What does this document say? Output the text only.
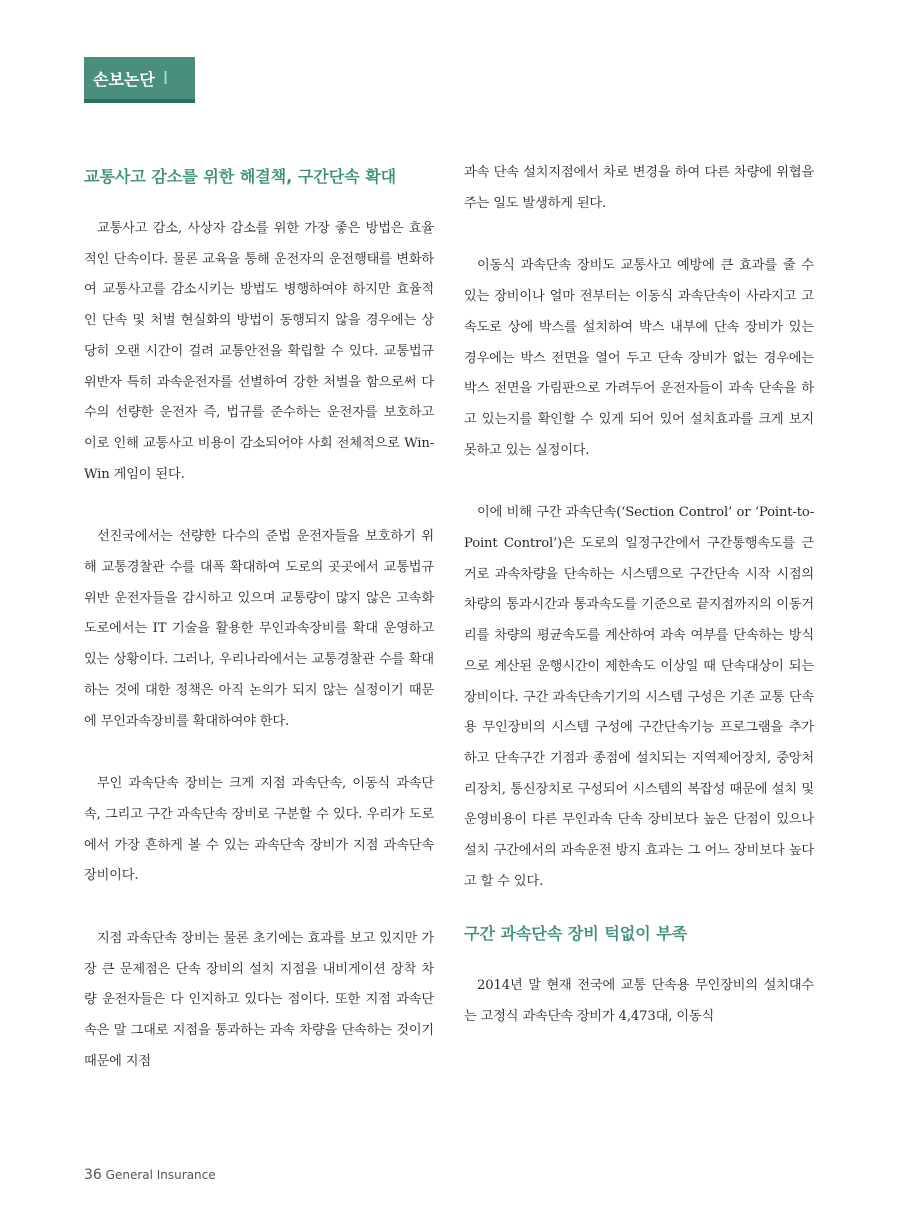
손보논단 Ⅰ
교통사고 감소를 위한 해결책, 구간단속 확대

교통사고 감소, 사상자 감소를 위한 가장 좋은 방법은 효율적인 단속이다. 물론 교육을 통해 운전자의 운전행태를 변화하여 교통사고를 감소시키는 방법도 병행하여야 하지만 효율적인 단속 및 처벌 현실화의 방법이 동행되지 않을 경우에는 상당히 오랜 시간이 걸려 교통안전을 확립할 수 있다. 교통법규 위반자 특히 과속운전자를 선별하여 강한 처벌을 함으로써 다수의 선량한 운전자 즉, 법규를 준수하는 운전자를 보호하고 이로 인해 교통사고 비용이 감소되어야 사회 전체적으로 Win-Win 게임이 된다.

선진국에서는 선량한 다수의 준법 운전자들을 보호하기 위해 교통경찰관 수를 대폭 확대하여 도로의 곳곳에서 교통법규 위반 운전자들을 감시하고 있으며 교통량이 많지 않은 고속화도로에서는 IT 기술을 활용한 무인과속장비를 확대 운영하고 있는 상황이다. 그러나, 우리나라에서는 교통경찰관 수를 확대하는 것에 대한 정책은 아직 논의가 되지 않는 실정이기 때문에 무인과속장비를 확대하여야 한다.

무인 과속단속 장비는 크게 지점 과속단속, 이동식 과속단속, 그리고 구간 과속단속 장비로 구분할 수 있다. 우리가 도로에서 가장 흔하게 볼 수 있는 과속단속 장비가 지점 과속단속 장비이다.

지점 과속단속 장비는 물론 초기에는 효과를 보고 있지만 가장 큰 문제점은 단속 장비의 설치 지점을 내비게이션 장착 차량 운전자들은 다 인지하고 있다는 점이다. 또한 지점 과속단속은 말 그대로 지점을 통과하는 과속 차량을 단속하는 것이기 때문에 지점

과속 단속 설치지점에서 차로 변경을 하여 다른 차량에 위협을 주는 일도 발생하게 된다.

이동식 과속단속 장비도 교통사고 예방에 큰 효과를 줄 수 있는 장비이나 얼마 전부터는 이동식 과속단속이 사라지고 고속도로 상에 박스를 설치하여 박스 내부에 단속 장비가 있는 경우에는 박스 전면을 열어 두고 단속 장비가 없는 경우에는 박스 전면을 가림판으로 가려두어 운전자들이 과속 단속을 하고 있는지를 확인할 수 있게 되어 있어 설치효과를 크게 보지 못하고 있는 실정이다.

이에 비해 구간 과속단속(‘Section Control’ or ‘Point-to-Point Control’)은 도로의 일정구간에서 구간통행속도를 근거로 과속차량을 단속하는 시스템으로 구간단속 시작 시점의 차량의 통과시간과 통과속도를 기준으로 끝지점까지의 이동거리를 차량의 평균속도를 계산하여 과속 여부를 단속하는 방식으로 계산된 운행시간이 제한속도 이상일 때 단속대상이 되는 장비이다. 구간 과속단속기기의 시스템 구성은 기존 교통 단속용 무인장비의 시스템 구성에 구간단속기능 프로그램을 추가하고 단속구간 기점과 종점에 설치되는 지역제어장치, 중앙처리장치, 통신장치로 구성되어 시스템의 복잡성 때문에 설치 및 운영비용이 다른 무인과속 단속 장비보다 높은 단점이 있으나 설치 구간에서의 과속운전 방지 효과는 그 어느 장비보다 높다고 할 수 있다.

구간 과속단속 장비 턱없이 부족

2014년 말 현재 전국에 교통 단속용 무인장비의 설치대수는 고정식 과속단속 장비가 4,473대, 이동식

36 General Insurance
